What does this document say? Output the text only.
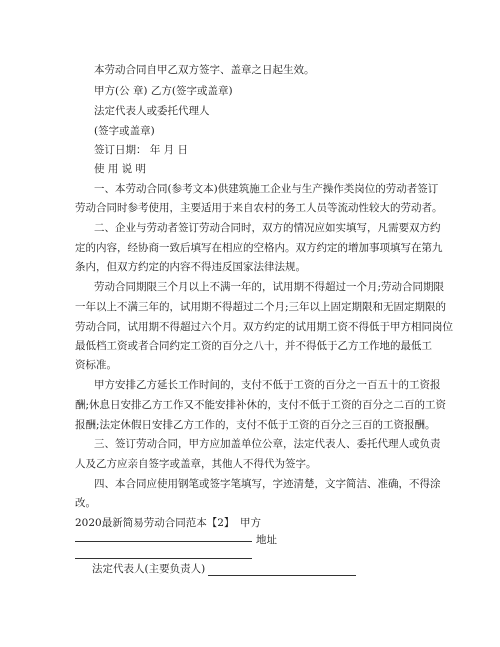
本劳动合同自甲乙双方签字、盖章之日起生效。
甲方(公 章) 乙方(签字或盖章)
法定代表人或委托代理人
(签字或盖章)
签订日期： 年 月 日
使 用 说 明
一、本劳动合同(参考文本)供建筑施工企业与生产操作类岗位的劳动者签订
劳动合同时参考使用，主要适用于来自农村的务工人员等流动性较大的劳动者。
二、企业与劳动者签订劳动合同时，双方的情况应如实填写，凡需要双方约
定的内容，经协商一致后填写在相应的空格内。双方约定的增加事项填写在第九
条内，但双方约定的内容不得违反国家法律法规。
劳动合同期限三个月以上不满一年的，试用期不得超过一个月;劳动合同期限
一年以上不满三年的，试用期不得超过二个月;三年以上固定期限和无固定期限的
劳动合同，试用期不得超过六个月。双方约定的试用期工资不得低于甲方相同岗位
最低档工资或者合同约定工资的百分之八十，并不得低于乙方工作地的最低工
资标准。
甲方安排乙方延长工作时间的，支付不低于工资的百分之一百五十的工资报
酬;休息日安排乙方工作又不能安排补休的，支付不低于工资的百分之二百的工资
报酬;法定休假日安排乙方工作的，支付不低于工资的百分之三百的工资报酬。
三、签订劳动合同，甲方应加盖单位公章，法定代表人、委托代理人或负责
人及乙方应亲自签字或盖章，其他人不得代为签字。
四、本合同应使用钢笔或签字笔填写，字迹清楚，文字简洁、准确，不得涂
改。
2020最新简易劳动合同范本【2】 甲方
地址
法定代表人(主要负责人)
